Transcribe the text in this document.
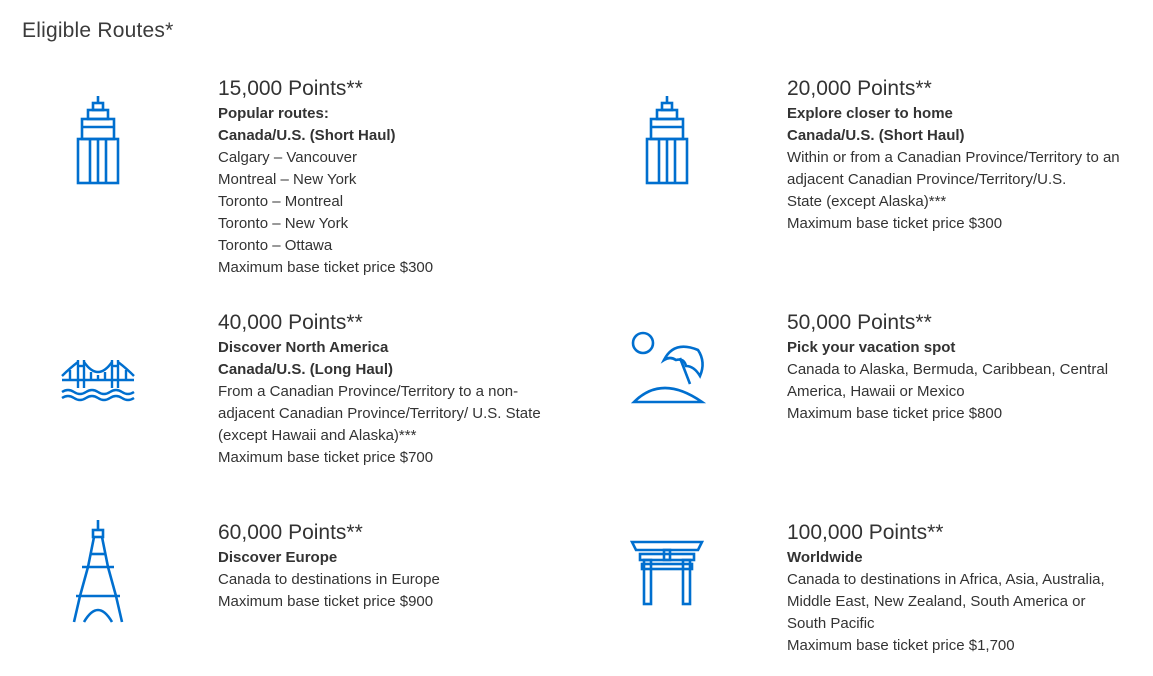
Eligible Routes*
15,000 Points**
Popular routes:
Canada/U.S. (Short Haul)
Calgary – Vancouver
Montreal – New York
Toronto – Montreal
Toronto – New York
Toronto – Ottawa
Maximum base ticket price $300
20,000 Points**
Explore closer to home
Canada/U.S. (Short Haul)
Within or from a Canadian Province/Territory to an
adjacent Canadian Province/Territory/U.S.
State (except Alaska)***
Maximum base ticket price $300
40,000 Points**
Discover North America
Canada/U.S. (Long Haul)
From a Canadian Province/Territory to a non-
adjacent Canadian Province/Territory/ U.S. State
(except Hawaii and Alaska)***
Maximum base ticket price $700
50,000 Points**
Pick your vacation spot
Canada to Alaska, Bermuda, Caribbean, Central
America, Hawaii or Mexico
Maximum base ticket price $800
60,000 Points**
Discover Europe
Canada to destinations in Europe
Maximum base ticket price $900
100,000 Points**
Worldwide
Canada to destinations in Africa, Asia, Australia,
Middle East, New Zealand, South America or
South Pacific
Maximum base ticket price $1,700
